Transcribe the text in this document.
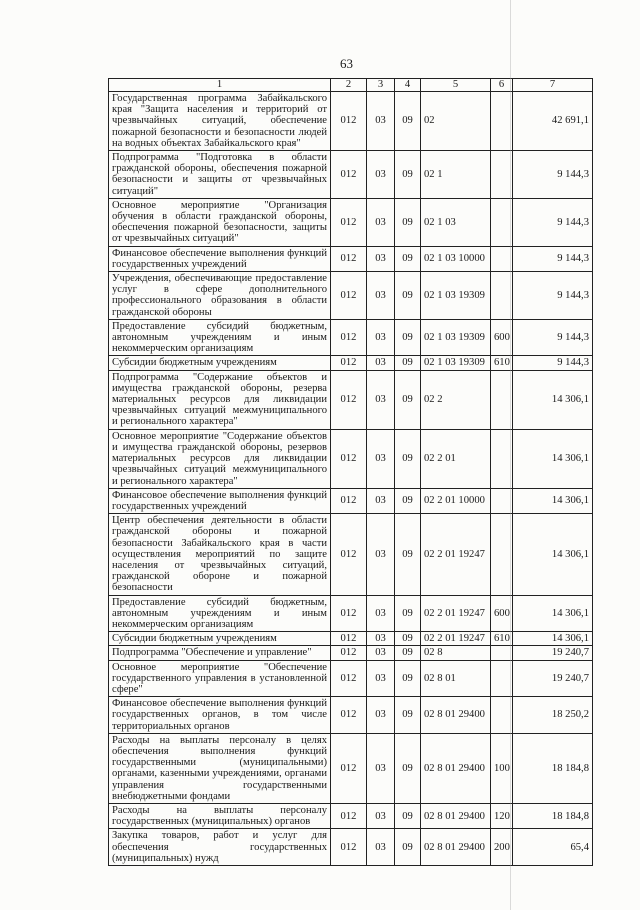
63
1	2	3	4	5	6	7
Государственная программа Забайкальского края "Защита населения и территорий от чрезвычайных ситуаций, обеспечение пожарной безопасности и безопасности людей на водных объектах Забайкальского края"	012	03	09	02		42 691,1
Подпрограмма "Подготовка в области гражданской обороны, обеспечения пожарной безопасности и защиты от чрезвычайных ситуаций"	012	03	09	02 1		9 144,3
Основное мероприятие "Организация обучения в области гражданской обороны, обеспечения пожарной безопасности, защиты от чрезвычайных ситуаций"	012	03	09	02 1 03		9 144,3
Финансовое обеспечение выполнения функций государственных учреждений	012	03	09	02 1 03 10000		9 144,3
Учреждения, обеспечивающие предоставление услуг в сфере дополнительного профессионального образования в области гражданской обороны	012	03	09	02 1 03 19309		9 144,3
Предоставление субсидий бюджетным, автономным учреждениям и иным некоммерческим организациям	012	03	09	02 1 03 19309	600	9 144,3
Субсидии бюджетным учреждениям	012	03	09	02 1 03 19309	610	9 144,3
Подпрограмма "Содержание объектов и имущества гражданской обороны, резерва материальных ресурсов для ликвидации чрезвычайных ситуаций межмуниципального и регионального характера"	012	03	09	02 2		14 306,1
Основное мероприятие "Содержание объектов и имущества гражданской обороны, резервов материальных ресурсов для ликвидации чрезвычайных ситуаций межмуниципального и регионального характера"	012	03	09	02 2 01		14 306,1
Финансовое обеспечение выполнения функций государственных учреждений	012	03	09	02 2 01 10000		14 306,1
Центр обеспечения деятельности в области гражданской обороны и пожарной безопасности Забайкальского края в части осуществления мероприятий по защите населения от чрезвычайных ситуаций, гражданской обороне и пожарной безопасности	012	03	09	02 2 01 19247		14 306,1
Предоставление субсидий бюджетным, автономным учреждениям и иным некоммерческим организациям	012	03	09	02 2 01 19247	600	14 306,1
Субсидии бюджетным учреждениям	012	03	09	02 2 01 19247	610	14 306,1
Подпрограмма "Обеспечение и управление"	012	03	09	02 8		19 240,7
Основное мероприятие "Обеспечение государственного управления в установленной сфере"	012	03	09	02 8 01		19 240,7
Финансовое обеспечение выполнения функций государственных органов, в том числе территориальных органов	012	03	09	02 8 01 29400		18 250,2
Расходы на выплаты персоналу в целях обеспечения выполнения функций государственными (муниципальными) органами, казенными учреждениями, органами управления государственными внебюджетными фондами	012	03	09	02 8 01 29400	100	18 184,8
Расходы на выплаты персоналу государственных (муниципальных) органов	012	03	09	02 8 01 29400	120	18 184,8
Закупка товаров, работ и услуг для обеспечения государственных (муниципальных) нужд	012	03	09	02 8 01 29400	200	65,4
